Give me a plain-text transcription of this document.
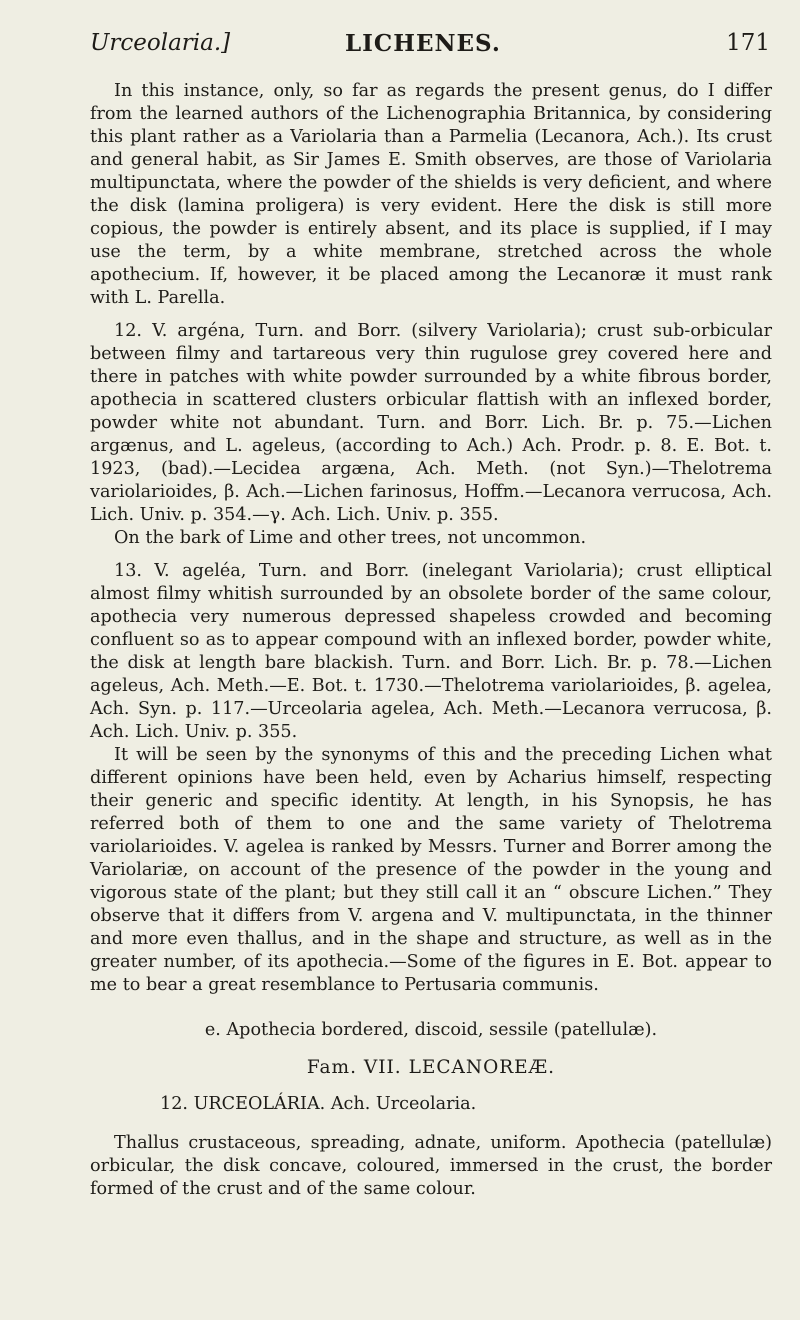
Urceolaria.]	LICHENES.	171

In this instance, only, so far as regards the present genus, do I differ from the learned authors of the Lichenographia Britannica, by considering this plant rather as a Variolaria than a Parmelia (Lecanora, Ach.). Its crust and general habit, as Sir James E. Smith observes, are those of Variolaria multipunctata, where the powder of the shields is very deficient, and where the disk (lamina proligera) is very evident. Here the disk is still more copious, the powder is entirely absent, and its place is supplied, if I may use the term, by a white membrane, stretched across the whole apothecium. If, however, it be placed among the Lecanoræ it must rank with L. Parella.

12. V. argéna, Turn. and Borr. (silvery Variolaria); crust sub-orbicular between filmy and tartareous very thin rugulose grey covered here and there in patches with white powder surrounded by a white fibrous border, apothecia in scattered clusters orbicular flattish with an inflexed border, powder white not abundant. Turn. and Borr. Lich. Br. p. 75.—Lichen argænus, and L. ageleus, (according to Ach.) Ach. Prodr. p. 8. E. Bot. t. 1923, (bad).—Lecidea argæna, Ach. Meth. (not Syn.)—Thelotrema variolarioides, β. Ach.—Lichen farinosus, Hoffm.—Lecanora verrucosa, Ach. Lich. Univ. p. 354.—γ. Ach. Lich. Univ. p. 355.

On the bark of Lime and other trees, not uncommon.

13. V. ageléa, Turn. and Borr. (inelegant Variolaria); crust elliptical almost filmy whitish surrounded by an obsolete border of the same colour, apothecia very numerous depressed shapeless crowded and becoming confluent so as to appear compound with an inflexed border, powder white, the disk at length bare blackish. Turn. and Borr. Lich. Br. p. 78.—Lichen ageleus, Ach. Meth.—E. Bot. t. 1730.—Thelotrema variolarioides, β. agelea, Ach. Syn. p. 117.—Urceolaria agelea, Ach. Meth.—Lecanora verrucosa, β. Ach. Lich. Univ. p. 355.

It will be seen by the synonyms of this and the preceding Lichen what different opinions have been held, even by Acharius himself, respecting their generic and specific identity. At length, in his Synopsis, he has referred both of them to one and the same variety of Thelotrema variolarioides. V. agelea is ranked by Messrs. Turner and Borrer among the Variolariæ, on account of the presence of the powder in the young and vigorous state of the plant; but they still call it an “ obscure Lichen.” They observe that it differs from V. argena and V. multipunctata, in the thinner and more even thallus, and in the shape and structure, as well as in the greater number, of its apothecia.—Some of the figures in E. Bot. appear to me to bear a great resemblance to Pertusaria communis.

e. Apothecia bordered, discoid, sessile (patellulæ).

Fam. VII. LECANOREÆ.

12. URCEOLÁRIA. Ach. Urceolaria.

Thallus crustaceous, spreading, adnate, uniform. Apothecia (patellulæ) orbicular, the disk concave, coloured, immersed in the crust, the border formed of the crust and of the same colour.
